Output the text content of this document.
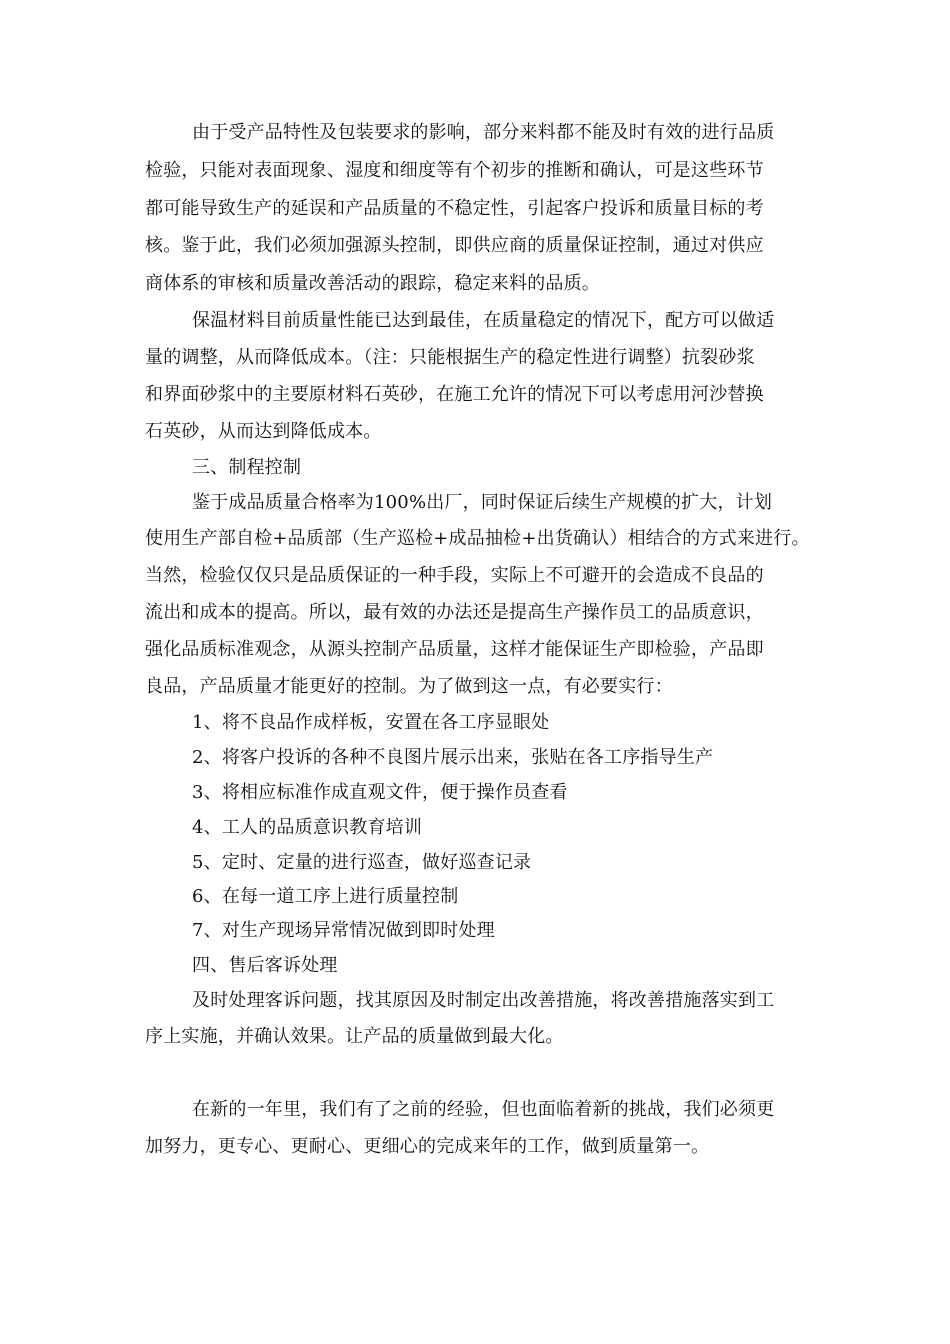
由于受产品特性及包装要求的影响，部分来料都不能及时有效的进行品质
检验，只能对表面现象、湿度和细度等有个初步的推断和确认，可是这些环节
都可能导致生产的延误和产品质量的不稳定性，引起客户投诉和质量目标的考
核。鉴于此，我们必须加强源头控制，即供应商的质量保证控制，通过对供应
商体系的审核和质量改善活动的跟踪，稳定来料的品质。
保温材料目前质量性能已达到最佳，在质量稳定的情况下，配方可以做适
量的调整，从而降低成本。（注：只能根据生产的稳定性进行调整）抗裂砂浆
和界面砂浆中的主要原材料石英砂，在施工允许的情况下可以考虑用河沙替换
石英砂，从而达到降低成本。
三、制程控制
鉴于成品质量合格率为100%出厂，同时保证后续生产规模的扩大，计划
使用生产部自检+品质部（生产巡检+成品抽检+出货确认）相结合的方式来进行。
当然，检验仅仅只是品质保证的一种手段，实际上不可避开的会造成不良品的
流出和成本的提高。所以，最有效的办法还是提高生产操作员工的品质意识，
强化品质标准观念，从源头控制产品质量，这样才能保证生产即检验，产品即
良品，产品质量才能更好的控制。为了做到这一点，有必要实行：
1、将不良品作成样板，安置在各工序显眼处
2、将客户投诉的各种不良图片展示出来，张贴在各工序指导生产
3、将相应标准作成直观文件，便于操作员查看
4、工人的品质意识教育培训
5、定时、定量的进行巡查，做好巡查记录
6、在每一道工序上进行质量控制
7、对生产现场异常情况做到即时处理
四、售后客诉处理
及时处理客诉问题，找其原因及时制定出改善措施，将改善措施落实到工
序上实施，并确认效果。让产品的质量做到最大化。
在新的一年里，我们有了之前的经验，但也面临着新的挑战，我们必须更
加努力，更专心、更耐心、更细心的完成来年的工作，做到质量第一。
